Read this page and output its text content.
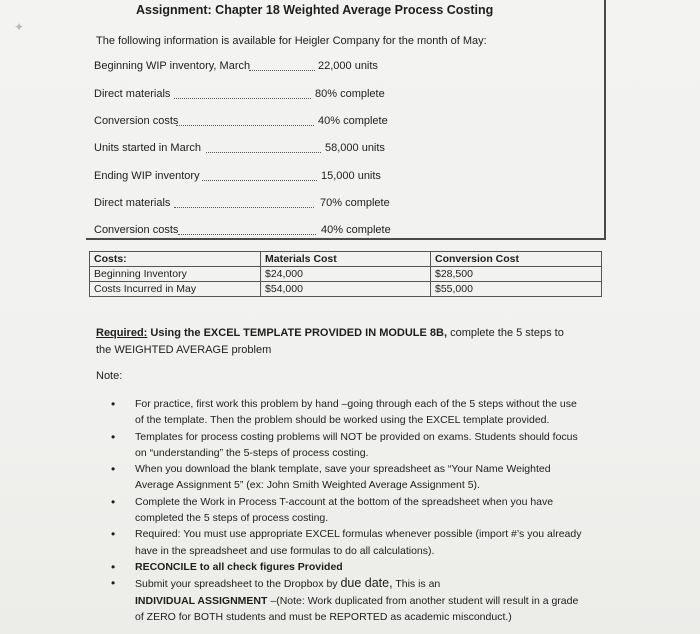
✦
Assignment: Chapter 18 Weighted Average Process Costing
The following information is available for Heigler Company for the month of May:
Beginning WIP inventory, March	22,000 units
Direct materials	80% complete
Conversion costs	40% complete
Units started in March	58,000 units
Ending WIP inventory	15,000 units
Direct materials	70% complete
Conversion costs	40% complete
Costs:	Materials Cost	Conversion Cost
Beginning Inventory	$24,000	$28,500
Costs Incurred in May	$54,000	$55,000
Required: Using the EXCEL TEMPLATE PROVIDED IN MODULE 8B, complete the 5 steps to the WEIGHTED AVERAGE problem
Note:
• For practice, first work this problem by hand –going through each of the 5 steps without the use of the template. Then the problem should be worked using the EXCEL template provided.
• Templates for process costing problems will NOT be provided on exams. Students should focus on “understanding” the 5-steps of process costing.
• When you download the blank template, save your spreadsheet as “Your Name Weighted Average Assignment 5” (ex: John Smith Weighted Average Assignment 5).
• Complete the Work in Process T-account at the bottom of the spreadsheet when you have completed the 5 steps of process costing.
• Required: You must use appropriate EXCEL formulas whenever possible (import #’s you already have in the spreadsheet and use formulas to do all calculations).
• RECONCILE to all check figures Provided
• Submit your spreadsheet to the Dropbox by due date, This is an
INDIVIDUAL ASSIGNMENT –(Note: Work duplicated from another student will result in a grade of ZERO for BOTH students and must be REPORTED as academic misconduct.)
